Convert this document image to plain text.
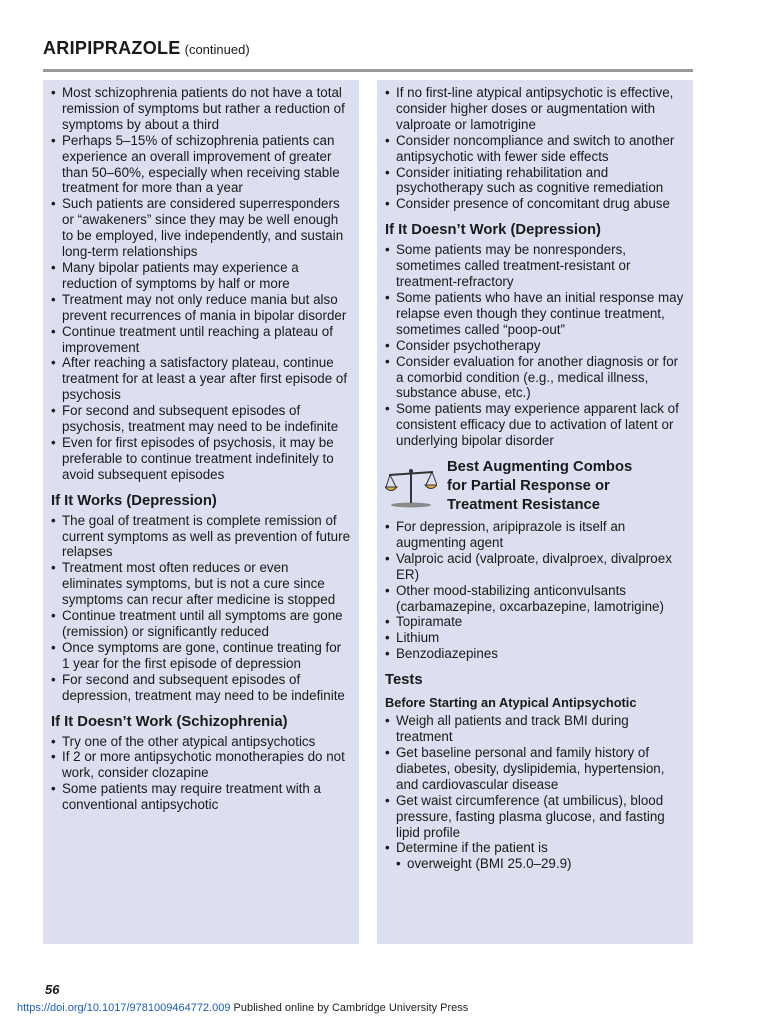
ARIPIPRAZOLE (continued)
• Most schizophrenia patients do not have a total remission of symptoms but rather a reduction of symptoms by about a third
• Perhaps 5–15% of schizophrenia patients can experience an overall improvement of greater than 50–60%, especially when receiving stable treatment for more than a year
• Such patients are considered superresponders or “awakeners” since they may be well enough to be employed, live independently, and sustain long-term relationships
• Many bipolar patients may experience a reduction of symptoms by half or more
• Treatment may not only reduce mania but also prevent recurrences of mania in bipolar disorder
• Continue treatment until reaching a plateau of improvement
• After reaching a satisfactory plateau, continue treatment for at least a year after first episode of psychosis
• For second and subsequent episodes of psychosis, treatment may need to be indefinite
• Even for first episodes of psychosis, it may be preferable to continue treatment indefinitely to avoid subsequent episodes
If It Works (Depression)
• The goal of treatment is complete remission of current symptoms as well as prevention of future relapses
• Treatment most often reduces or even eliminates symptoms, but is not a cure since symptoms can recur after medicine is stopped
• Continue treatment until all symptoms are gone (remission) or significantly reduced
• Once symptoms are gone, continue treating for 1 year for the first episode of depression
• For second and subsequent episodes of depression, treatment may need to be indefinite
If It Doesn’t Work (Schizophrenia)
• Try one of the other atypical antipsychotics
• If 2 or more antipsychotic monotherapies do not work, consider clozapine
• Some patients may require treatment with a conventional antipsychotic
• If no first-line atypical antipsychotic is effective, consider higher doses or augmentation with valproate or lamotrigine
• Consider noncompliance and switch to another antipsychotic with fewer side effects
• Consider initiating rehabilitation and psychotherapy such as cognitive remediation
• Consider presence of concomitant drug abuse
If It Doesn’t Work (Depression)
• Some patients may be nonresponders, sometimes called treatment-resistant or treatment-refractory
• Some patients who have an initial response may relapse even though they continue treatment, sometimes called “poop-out”
• Consider psychotherapy
• Consider evaluation for another diagnosis or for a comorbid condition (e.g., medical illness, substance abuse, etc.)
• Some patients may experience apparent lack of consistent efficacy due to activation of latent or underlying bipolar disorder
Best Augmenting Combos
for Partial Response or
Treatment Resistance
• For depression, aripiprazole is itself an augmenting agent
• Valproic acid (valproate, divalproex, divalproex ER)
• Other mood-stabilizing anticonvulsants (carbamazepine, oxcarbazepine, lamotrigine)
• Topiramate
• Lithium
• Benzodiazepines
Tests
Before Starting an Atypical Antipsychotic
• Weigh all patients and track BMI during treatment
• Get baseline personal and family history of diabetes, obesity, dyslipidemia, hypertension, and cardiovascular disease
• Get waist circumference (at umbilicus), blood pressure, fasting plasma glucose, and fasting lipid profile
• Determine if the patient is
• overweight (BMI 25.0–29.9)
56
https://doi.org/10.1017/9781009464772.009 Published online by Cambridge University Press
